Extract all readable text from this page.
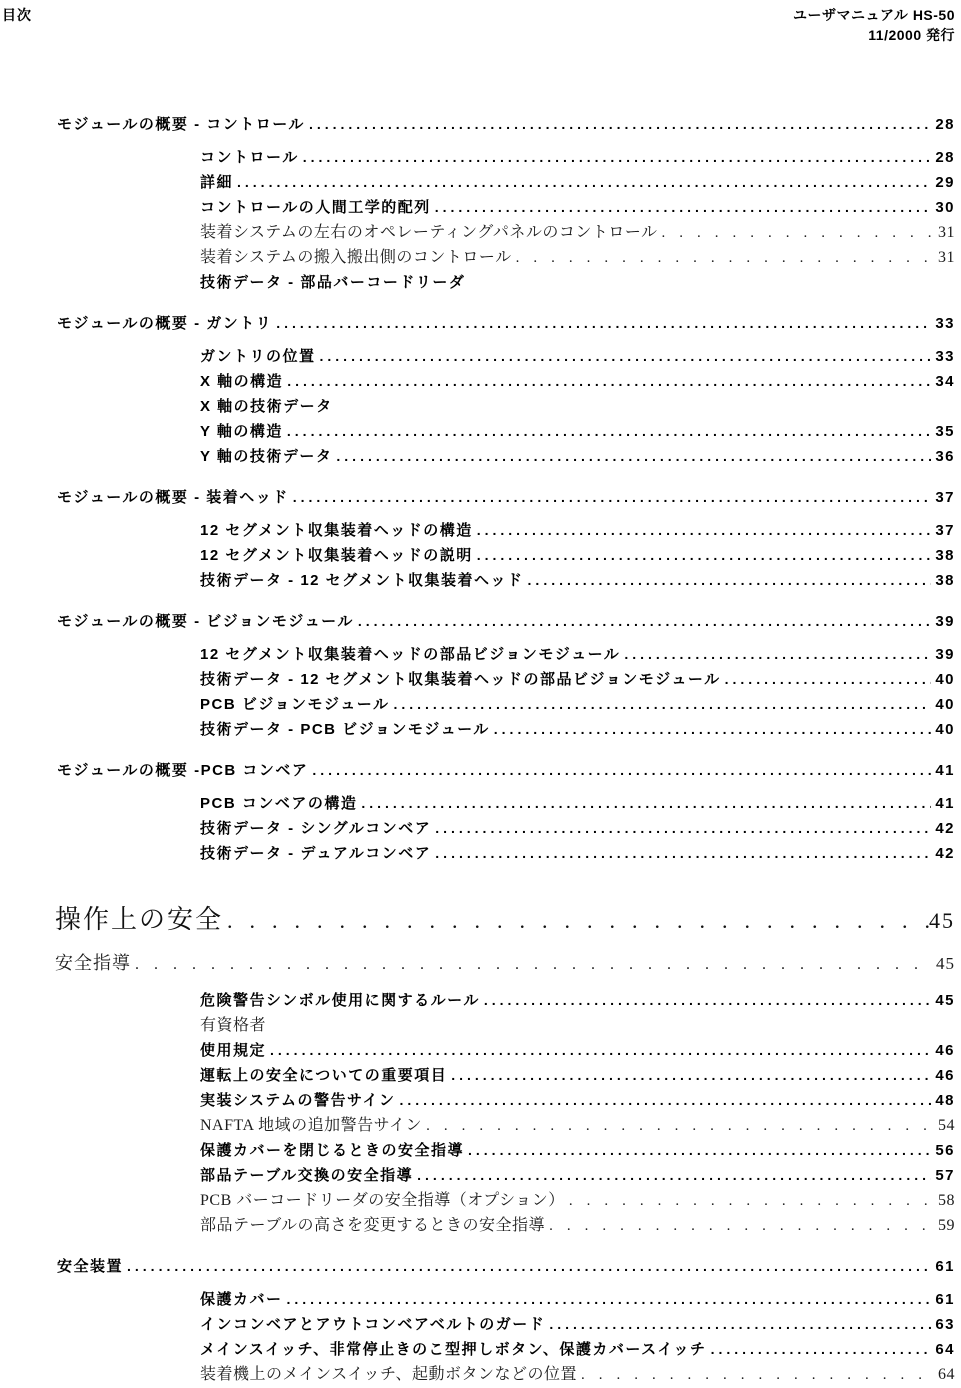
目次	ユーザマニュアル HS-50
11/2000 発行
モジュールの概要 - コントロール .....	28
コントロール .....	28
詳細 .....	29
コントロールの人間工学的配列 .....	30
装着システムの左右のオペレーティングパネルのコントロール .....	31
装着システムの搬入搬出側のコントロール .....	31
技術データ - 部品バーコードリーダ
モジュールの概要 - ガントリ .....	33
ガントリの位置 .....	33
X 軸の構造 .....	34
X 軸の技術データ
Y 軸の構造 .....	35
Y 軸の技術データ .....	36
モジュールの概要 - 装着ヘッド .....	37
12 セグメント収集装着ヘッドの構造 .....	37
12 セグメント収集装着ヘッドの説明 .....	38
技術データ - 12 セグメント収集装着ヘッド .....	38
モジュールの概要 - ビジョンモジュール .....	39
12 セグメント収集装着ヘッドの部品ビジョンモジュール .....	39
技術データ - 12 セグメント収集装着ヘッドの部品ビジョンモジュール .....	40
PCB ビジョンモジュール .....	40
技術データ - PCB ビジョンモジュール .....	40
モジュールの概要 -PCB コンベア .....	41
PCB コンベアの構造 .....	41
技術データ - シングルコンベア .....	42
技術データ - デュアルコンベア .....	42
操作上の安全 .....	45
安全指導 .....	45
危険警告シンボル使用に関するルール .....	45
有資格者
使用規定 .....	46
運転上の安全についての重要項目 .....	46
実装システムの警告サイン .....	48
NAFTA 地域の追加警告サイン .....	54
保護カバーを閉じるときの安全指導 .....	56
部品テーブル交換の安全指導 .....	57
PCB バーコードリーダの安全指導（オプション） .....	58
部品テーブルの高さを変更するときの安全指導 .....	59
安全装置 .....	61
保護カバー .....	61
インコンベアとアウトコンベアベルトのガード .....	63
メインスイッチ、非常停止きのこ型押しボタン、保護カバースイッチ .....	64
装着機上のメインスイッチ、起動ボタンなどの位置 .....	64
